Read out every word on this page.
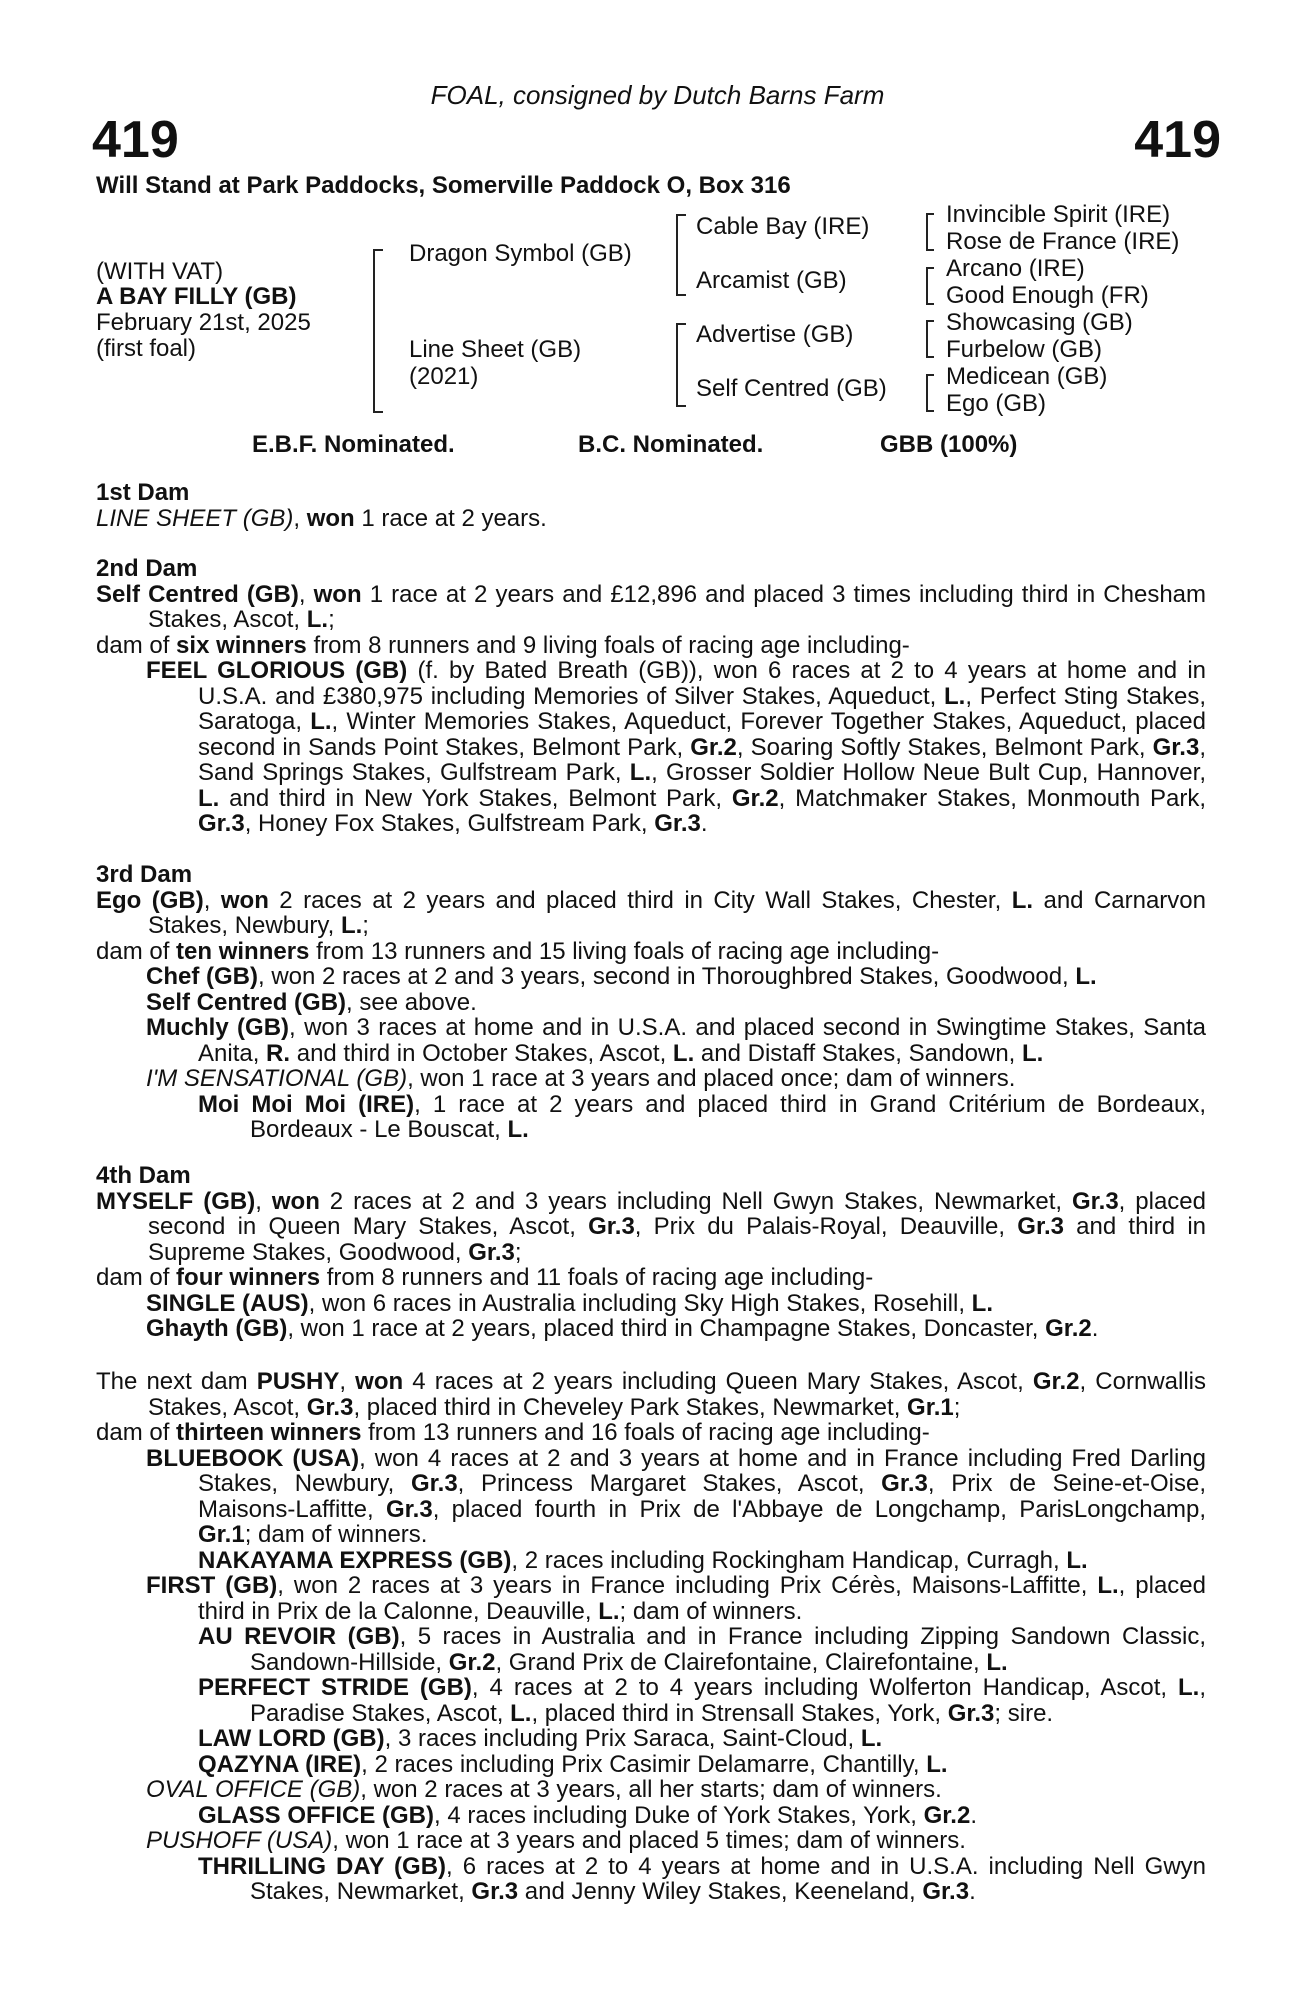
FOAL, consigned by Dutch Barns Farm
419	419
Will Stand at Park Paddocks, Somerville Paddock O, Box 316
(WITH VAT)
A BAY FILLY (GB)
February 21st, 2025
(first foal)
Dragon Symbol (GB)
Line Sheet (GB)
(2021)
Cable Bay (IRE)
Arcamist (GB)
Advertise (GB)
Self Centred (GB)
Invincible Spirit (IRE)
Rose de France (IRE)
Arcano (IRE)
Good Enough (FR)
Showcasing (GB)
Furbelow (GB)
Medicean (GB)
Ego (GB)
E.B.F. Nominated.	B.C. Nominated.	GBB (100%)

1st Dam

LINE SHEET (GB), won 1 race at 2 years.

2nd Dam

Self Centred (GB), won 1 race at 2 years and £12,896 and placed 3 times including third in Chesham Stakes, Ascot, L.;

dam of six winners from 8 runners and 9 living foals of racing age including-

FEEL GLORIOUS (GB) (f. by Bated Breath (GB)), won 6 races at 2 to 4 years at home and in U.S.A. and £380,975 including Memories of Silver Stakes, Aqueduct, L., Perfect Sting Stakes, Saratoga, L., Winter Memories Stakes, Aqueduct, Forever Together Stakes, Aqueduct, placed second in Sands Point Stakes, Belmont Park, Gr.2, Soaring Softly Stakes, Belmont Park, Gr.3, Sand Springs Stakes, Gulfstream Park, L., Grosser Soldier Hollow Neue Bult Cup, Hannover, L. and third in New York Stakes, Belmont Park, Gr.2, Matchmaker Stakes, Monmouth Park, Gr.3, Honey Fox Stakes, Gulfstream Park, Gr.3.

3rd Dam

Ego (GB), won 2 races at 2 years and placed third in City Wall Stakes, Chester, L. and Carnarvon Stakes, Newbury, L.;

dam of ten winners from 13 runners and 15 living foals of racing age including-

Chef (GB), won 2 races at 2 and 3 years, second in Thoroughbred Stakes, Goodwood, L.

Self Centred (GB), see above.

Muchly (GB), won 3 races at home and in U.S.A. and placed second in Swingtime Stakes, Santa Anita, R. and third in October Stakes, Ascot, L. and Distaff Stakes, Sandown, L.

I'M SENSATIONAL (GB), won 1 race at 3 years and placed once; dam of winners.

Moi Moi Moi (IRE), 1 race at 2 years and placed third in Grand Critérium de Bordeaux, Bordeaux - Le Bouscat, L.

4th Dam

MYSELF (GB), won 2 races at 2 and 3 years including Nell Gwyn Stakes, Newmarket, Gr.3, placed second in Queen Mary Stakes, Ascot, Gr.3, Prix du Palais-Royal, Deauville, Gr.3 and third in Supreme Stakes, Goodwood, Gr.3;

dam of four winners from 8 runners and 11 foals of racing age including-

SINGLE (AUS), won 6 races in Australia including Sky High Stakes, Rosehill, L.

Ghayth (GB), won 1 race at 2 years, placed third in Champagne Stakes, Doncaster, Gr.2.

The next dam PUSHY, won 4 races at 2 years including Queen Mary Stakes, Ascot, Gr.2, Cornwallis Stakes, Ascot, Gr.3, placed third in Cheveley Park Stakes, Newmarket, Gr.1;

dam of thirteen winners from 13 runners and 16 foals of racing age including-

BLUEBOOK (USA), won 4 races at 2 and 3 years at home and in France including Fred Darling Stakes, Newbury, Gr.3, Princess Margaret Stakes, Ascot, Gr.3, Prix de Seine-et-Oise, Maisons-Laffitte, Gr.3, placed fourth in Prix de l'Abbaye de Longchamp, ParisLongchamp, Gr.1; dam of winners.

NAKAYAMA EXPRESS (GB), 2 races including Rockingham Handicap, Curragh, L.

FIRST (GB), won 2 races at 3 years in France including Prix Cérès, Maisons-Laffitte, L., placed third in Prix de la Calonne, Deauville, L.; dam of winners.

AU REVOIR (GB), 5 races in Australia and in France including Zipping Sandown Classic, Sandown-Hillside, Gr.2, Grand Prix de Clairefontaine, Clairefontaine, L.

PERFECT STRIDE (GB), 4 races at 2 to 4 years including Wolferton Handicap, Ascot, L., Paradise Stakes, Ascot, L., placed third in Strensall Stakes, York, Gr.3; sire.

LAW LORD (GB), 3 races including Prix Saraca, Saint-Cloud, L.

QAZYNA (IRE), 2 races including Prix Casimir Delamarre, Chantilly, L.

OVAL OFFICE (GB), won 2 races at 3 years, all her starts; dam of winners.

GLASS OFFICE (GB), 4 races including Duke of York Stakes, York, Gr.2.

PUSHOFF (USA), won 1 race at 3 years and placed 5 times; dam of winners.

THRILLING DAY (GB), 6 races at 2 to 4 years at home and in U.S.A. including Nell Gwyn Stakes, Newmarket, Gr.3 and Jenny Wiley Stakes, Keeneland, Gr.3.
